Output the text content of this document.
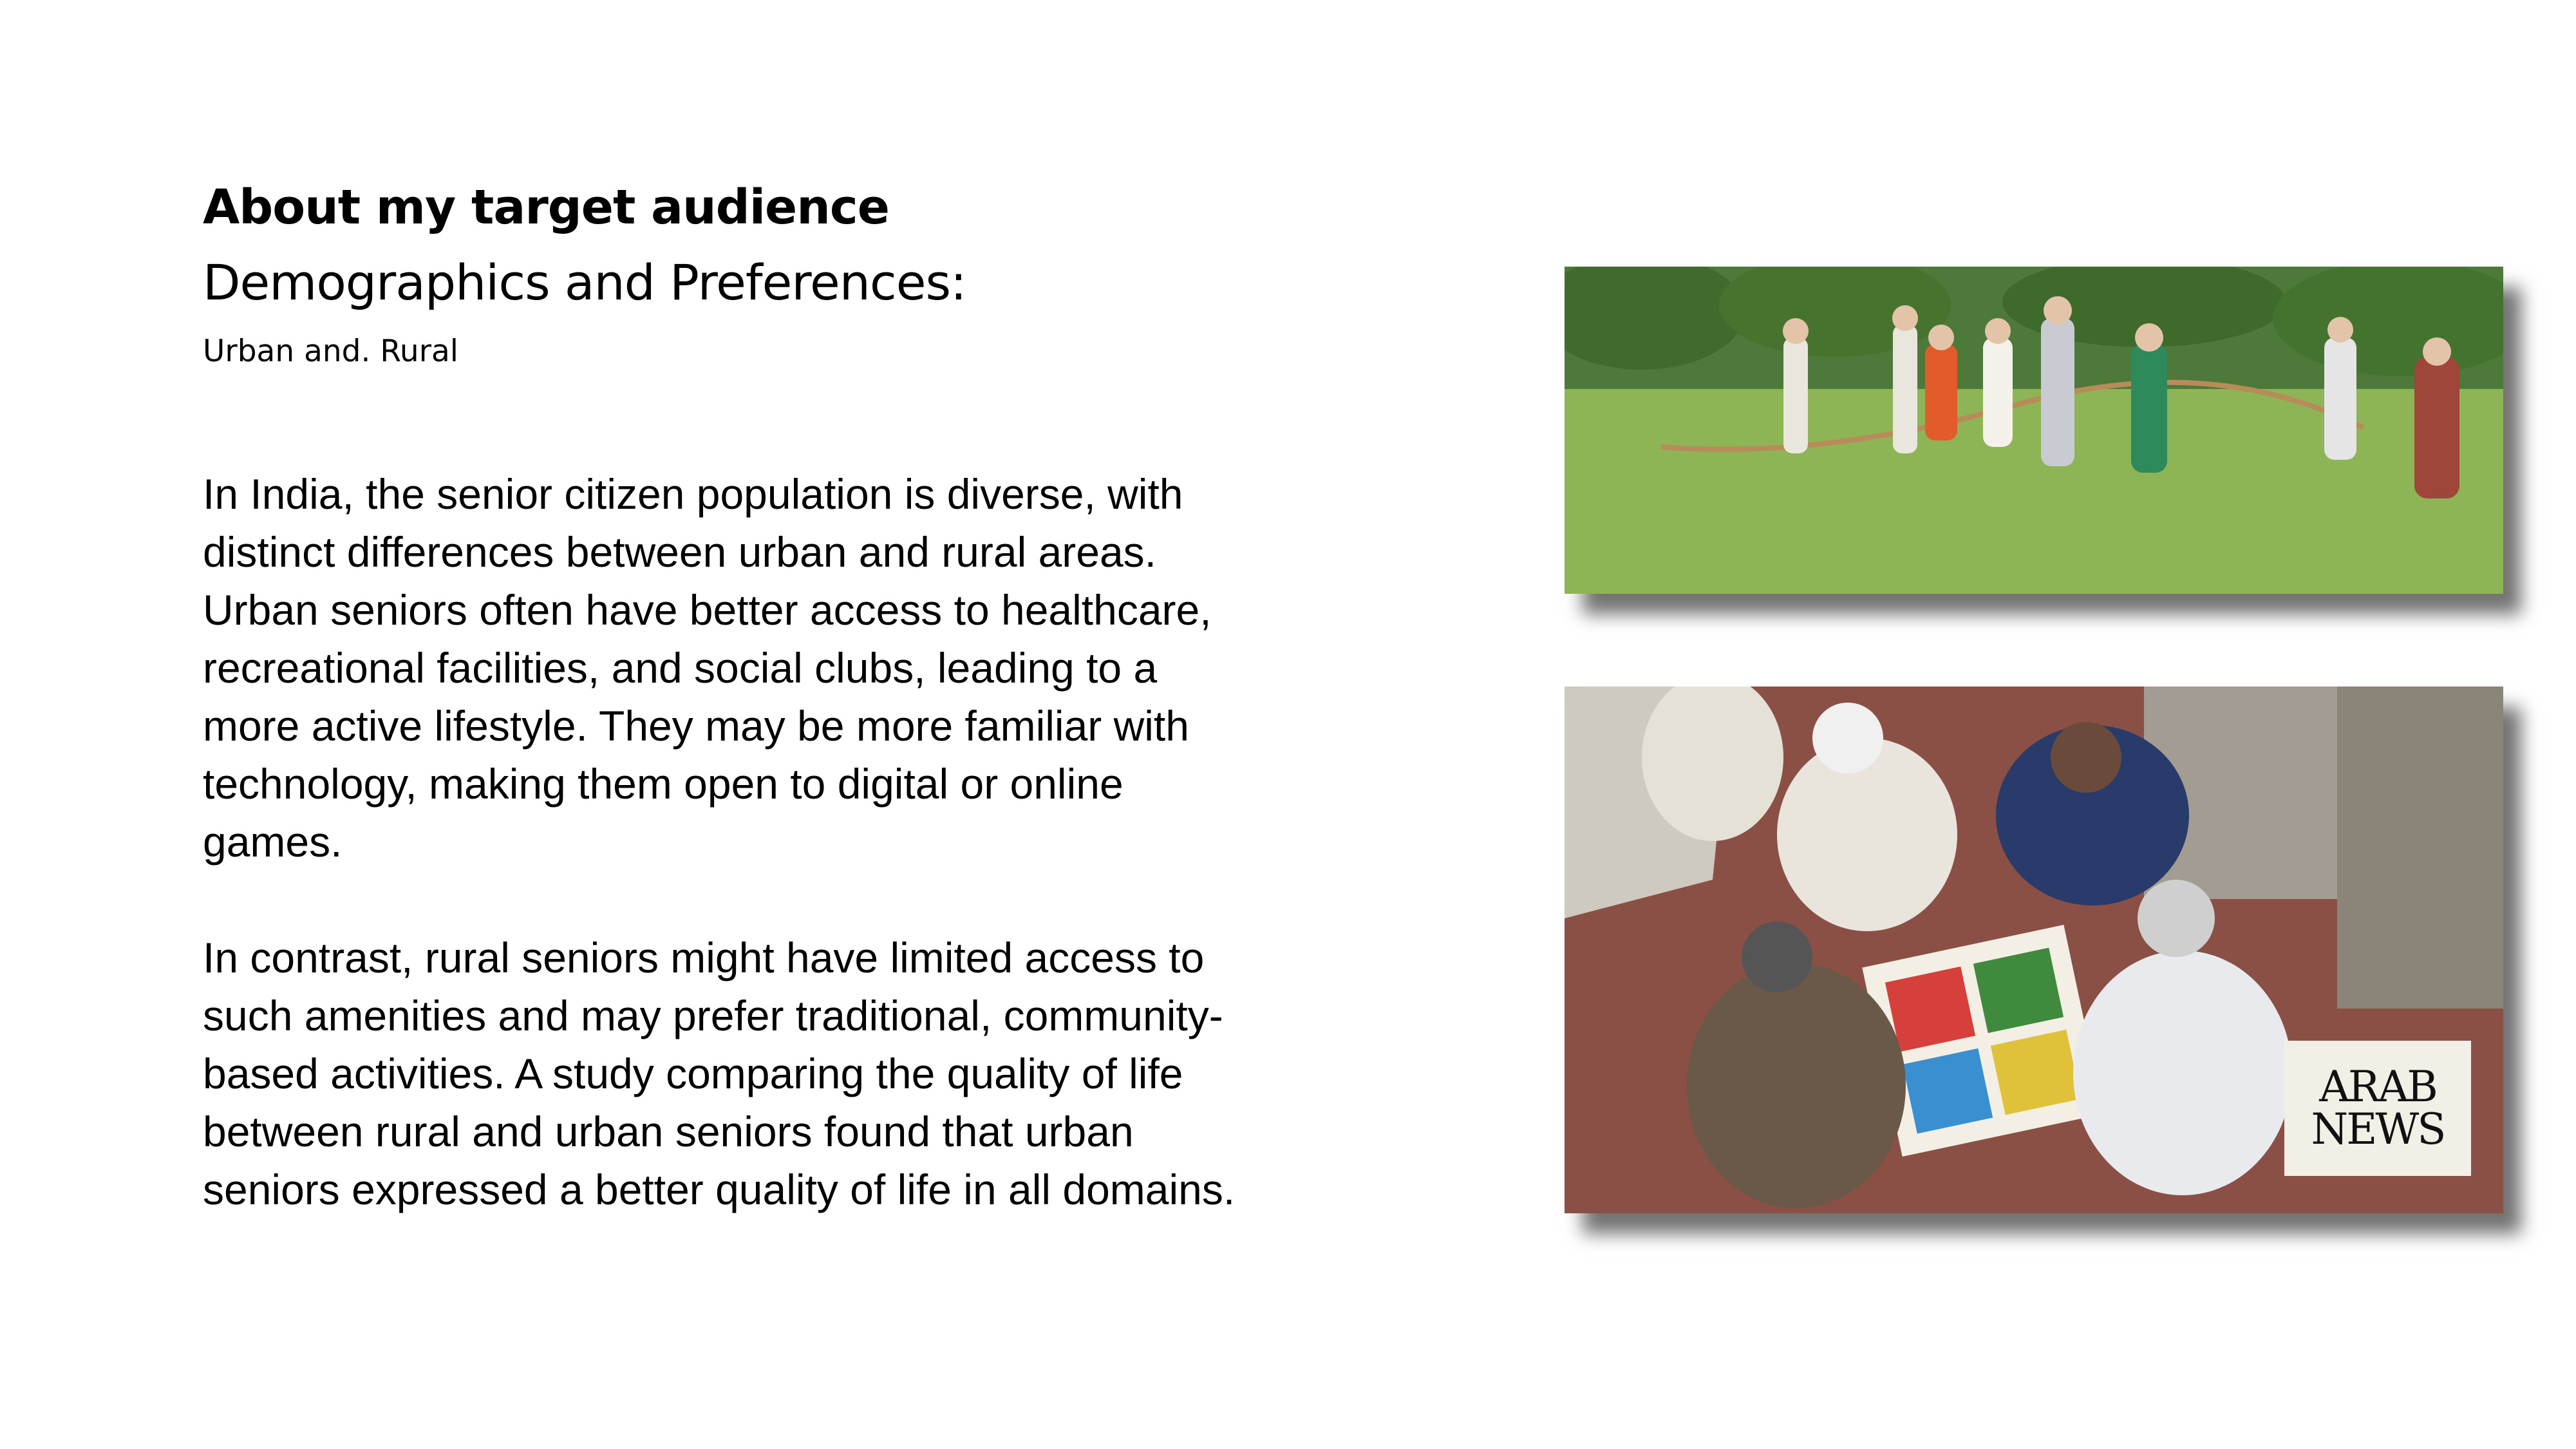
About my target audience
Demographics and Preferences:
Urban and. Rural

In India, the senior citizen population is diverse, with distinct differences between urban and rural areas. Urban seniors often have better access to healthcare, recreational facilities, and social clubs, leading to a more active lifestyle. They may be more familiar with technology, making them open to digital or online games.

In contrast, rural seniors might have limited access to such amenities and may prefer traditional, community-based activities. A study comparing the quality of life between rural and urban seniors found that urban seniors expressed a better quality of life in all domains.

ARAB
NEWS
